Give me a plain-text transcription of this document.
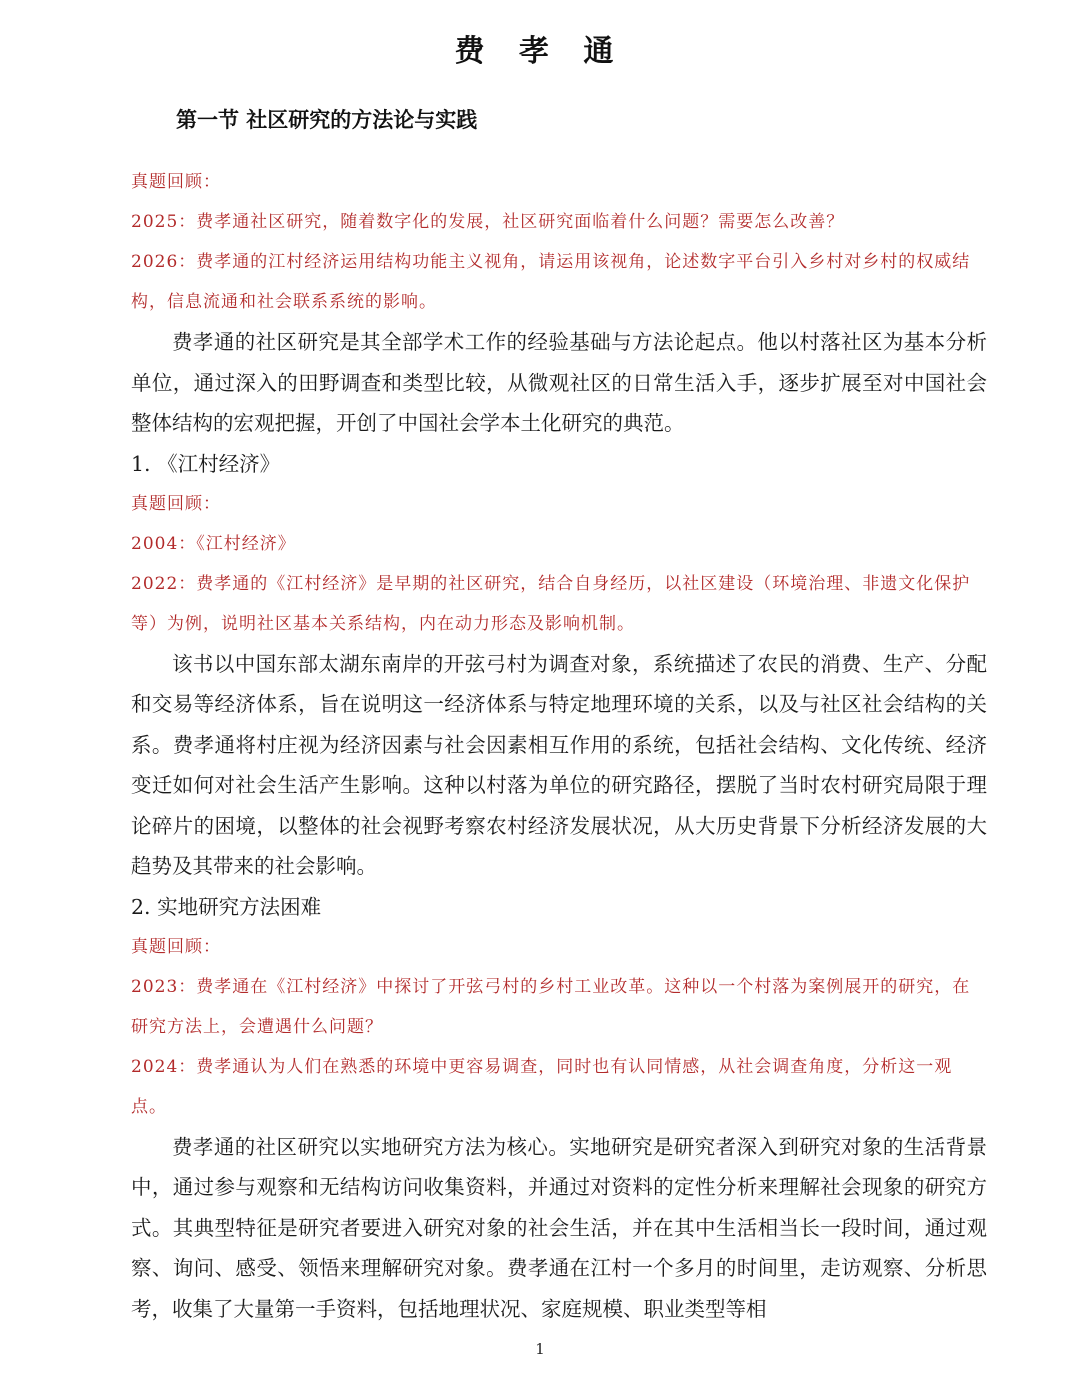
费 孝 通
第一节 社区研究的方法论与实践

真题回顾：

2025：费孝通社区研究，随着数字化的发展，社区研究面临着什么问题？需要怎么改善？

2026：费孝通的江村经济运用结构功能主义视角，请运用该视角，论述数字平台引入乡村对乡村的权威结构，信息流通和社会联系系统的影响。

费孝通的社区研究是其全部学术工作的经验基础与方法论起点。他以村落社区为基本分析单位，通过深入的田野调查和类型比较，从微观社区的日常生活入手，逐步扩展至对中国社会整体结构的宏观把握，开创了中国社会学本土化研究的典范。

1. 《江村经济》

真题回顾：

2004：《江村经济》

2022：费孝通的《江村经济》是早期的社区研究，结合自身经历，以社区建设（环境治理、非遗文化保护等）为例，说明社区基本关系结构，内在动力形态及影响机制。

该书以中国东部太湖东南岸的开弦弓村为调查对象，系统描述了农民的消费、生产、分配和交易等经济体系，旨在说明这一经济体系与特定地理环境的关系，以及与社区社会结构的关系。费孝通将村庄视为经济因素与社会因素相互作用的系统，包括社会结构、文化传统、经济变迁如何对社会生活产生影响。这种以村落为单位的研究路径，摆脱了当时农村研究局限于理论碎片的困境，以整体的社会视野考察农村经济发展状况，从大历史背景下分析经济发展的大趋势及其带来的社会影响。

2. 实地研究方法困难

真题回顾：

2023：费孝通在《江村经济》中探讨了开弦弓村的乡村工业改革。这种以一个村落为案例展开的研究，在研究方法上，会遭遇什么问题？

2024：费孝通认为人们在熟悉的环境中更容易调查，同时也有认同情感，从社会调查角度，分析这一观点。

费孝通的社区研究以实地研究方法为核心。实地研究是研究者深入到研究对象的生活背景中，通过参与观察和无结构访问收集资料，并通过对资料的定性分析来理解社会现象的研究方式。其典型特征是研究者要进入研究对象的社会生活，并在其中生活相当长一段时间，通过观察、询问、感受、领悟来理解研究对象。费孝通在江村一个多月的时间里，走访观察、分析思考，收集了大量第一手资料，包括地理状况、家庭规模、职业类型等相

1
